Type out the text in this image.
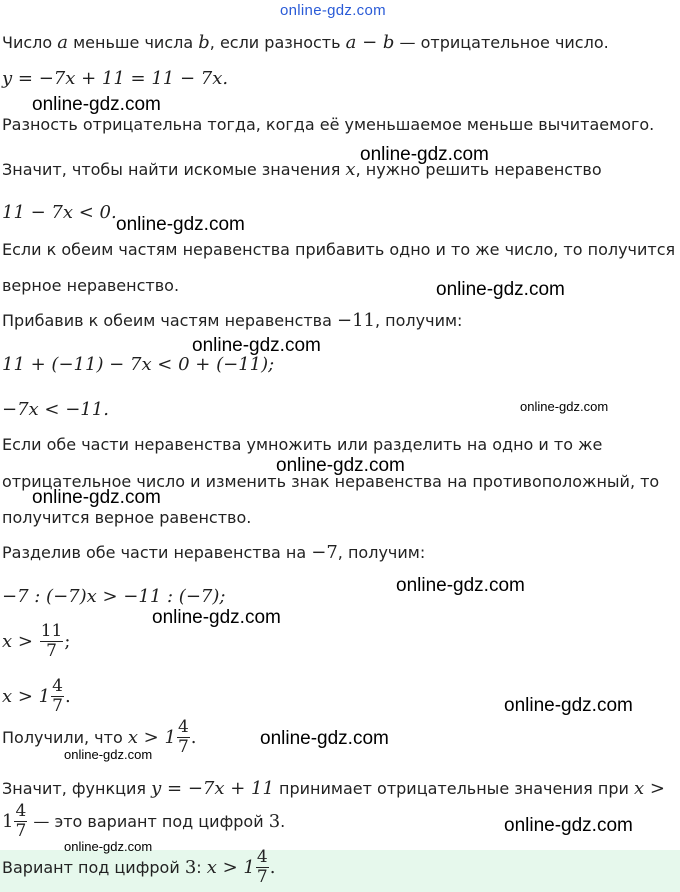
online-gdz.com
Число a меньше числа b, если разность a − b — отрицательное число.
y = −7x + 11 = 11 − 7x.
online-gdz.com
Разность отрицательна тогда, когда её уменьшаемое меньше вычитаемого.
online-gdz.com
Значит, чтобы найти искомые значения x, нужно решить неравенство
11 − 7x < 0.
online-gdz.com
Если к обеим частям неравенства прибавить одно и то же число, то получится
верное неравенство.	online-gdz.com
Прибавив к обеим частям неравенства −11, получим:
online-gdz.com
11 + (−11) − 7x < 0 + (−11);
−7x < −11.	online-gdz.com
Если обе части неравенства умножить или разделить на одно и то же
online-gdz.com
отрицательное число и изменить знак неравенства на противоположный, то
online-gdz.com
получится верное равенство.
Разделив обе части неравенства на −7, получим:
online-gdz.com
−7 : (−7)x > −11 : (−7);
online-gdz.com
$x > \frac{11}{7}$ ;
$x > 1 \frac{4}{7}$ .	online-gdz.com
Получили, что $x > 1 \frac{4}{7}$ .	online-gdz.com
online-gdz.com
Значит, функция y = −7x + 11 принимает отрицательные значения при x >
$1 \frac{4}{7}$ — это вариант под цифрой 3.	online-gdz.com
online-gdz.com
Вариант под цифрой 3: $x > 1 \frac{4}{7}$ .
